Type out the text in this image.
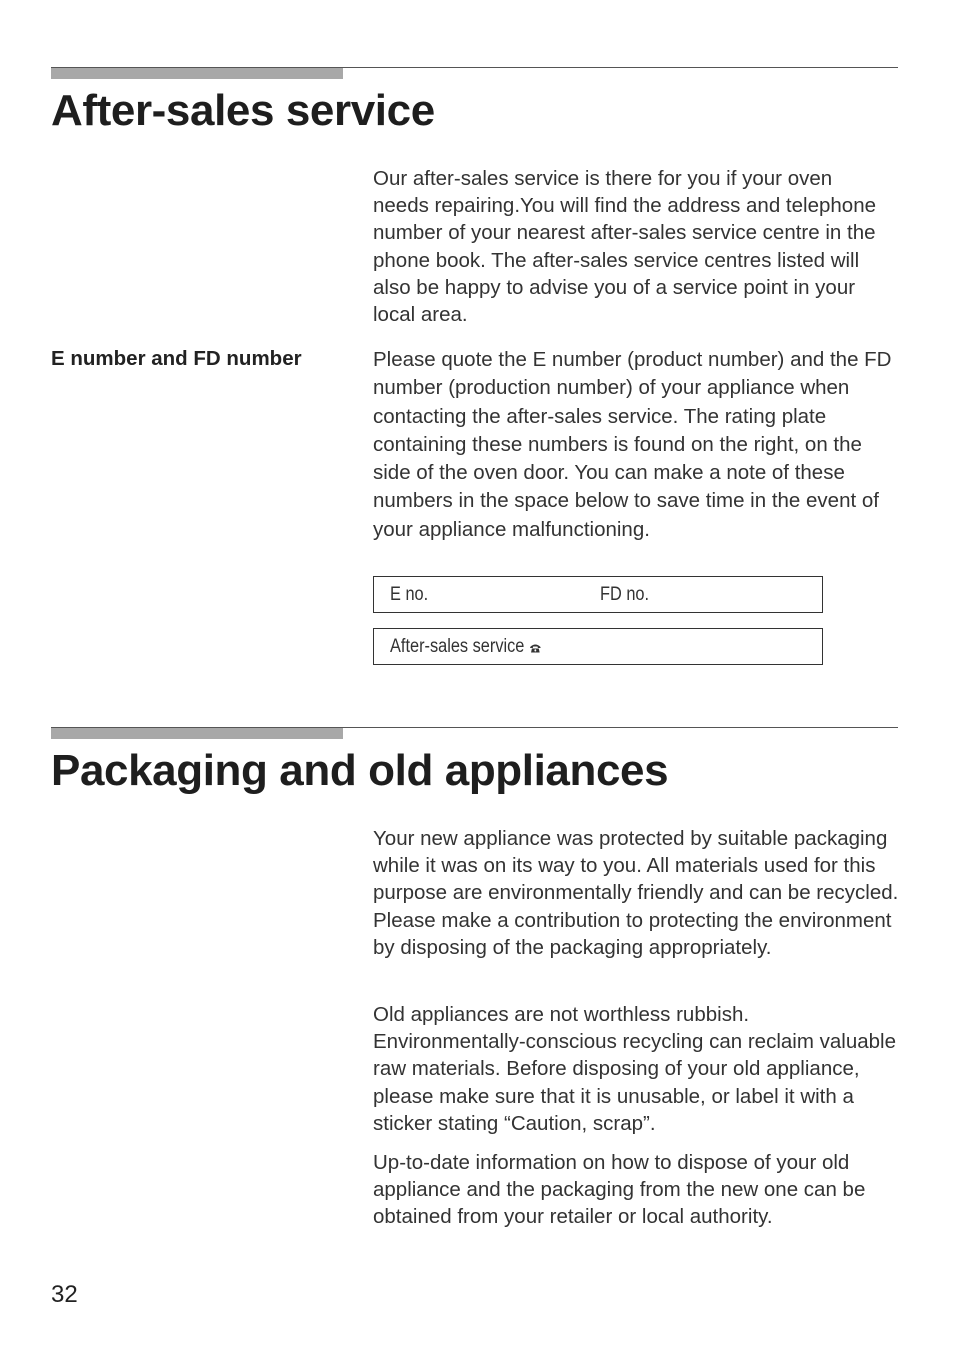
After-sales service

Our after-sales service is there for you if your oven needs repairing.You will find the address and telephone number of your nearest after-sales service centre in the phone book. The after-sales service centres listed will also be happy to advise you of a service point in your local area.

E number and FD number	Please quote the E number (product number) and the FD number (production number) of your appliance when contacting the after-sales service. The rating plate containing these numbers is found on the right, on the side of the oven door. You can make a note of these numbers in the space below to save time in the event of your appliance malfunctioning.

E no.	FD no.
After-sales service
Packaging and old appliances

Your new appliance was protected by suitable packaging while it was on its way to you. All materials used for this purpose are environmentally friendly and can be recycled. Please make a contribution to protecting the environment by disposing of the packaging appropriately.

Old appliances are not worthless rubbish. Environmentally-conscious recycling can reclaim valuable raw materials. Before disposing of your old appliance, please make sure that it is unusable, or label it with a sticker stating “Caution, scrap”.

Up-to-date information on how to dispose of your old appliance and the packaging from the new one can be obtained from your retailer or local authority.

32
